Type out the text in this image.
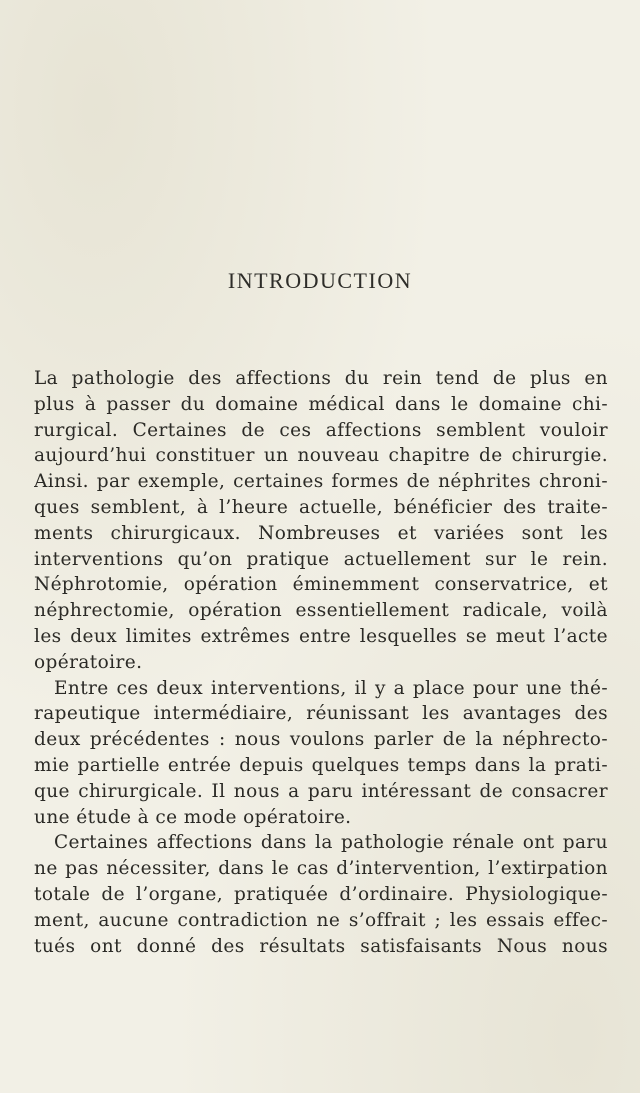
INTRODUCTION
La pathologie des affections du rein tend de plus en
plus à passer du domaine médical dans le domaine chi-
rurgical. Certaines de ces affections semblent vouloir
aujourd’hui constituer un nouveau chapitre de chirurgie.
Ainsi. par exemple, certaines formes de néphrites chroni-
ques semblent, à l’heure actuelle, bénéficier des traite-
ments chirurgicaux. Nombreuses et variées sont les
interventions qu’on pratique actuellement sur le rein.
Néphrotomie, opération éminemment conservatrice, et
néphrectomie, opération essentiellement radicale, voilà
les deux limites extrêmes entre lesquelles se meut l’acte
opératoire.
Entre ces deux interventions, il y a place pour une thé-
rapeutique intermédiaire, réunissant les avantages des
deux précédentes : nous voulons parler de la néphrecto-
mie partielle entrée depuis quelques temps dans la prati-
que chirurgicale. Il nous a paru intéressant de consacrer
une étude à ce mode opératoire.
Certaines affections dans la pathologie rénale ont paru
ne pas nécessiter, dans le cas d’intervention, l’extirpation
totale de l’organe, pratiquée d’ordinaire. Physiologique-
ment, aucune contradiction ne s’offrait ; les essais effec-
tués ont donné des résultats satisfaisants Nous nous
